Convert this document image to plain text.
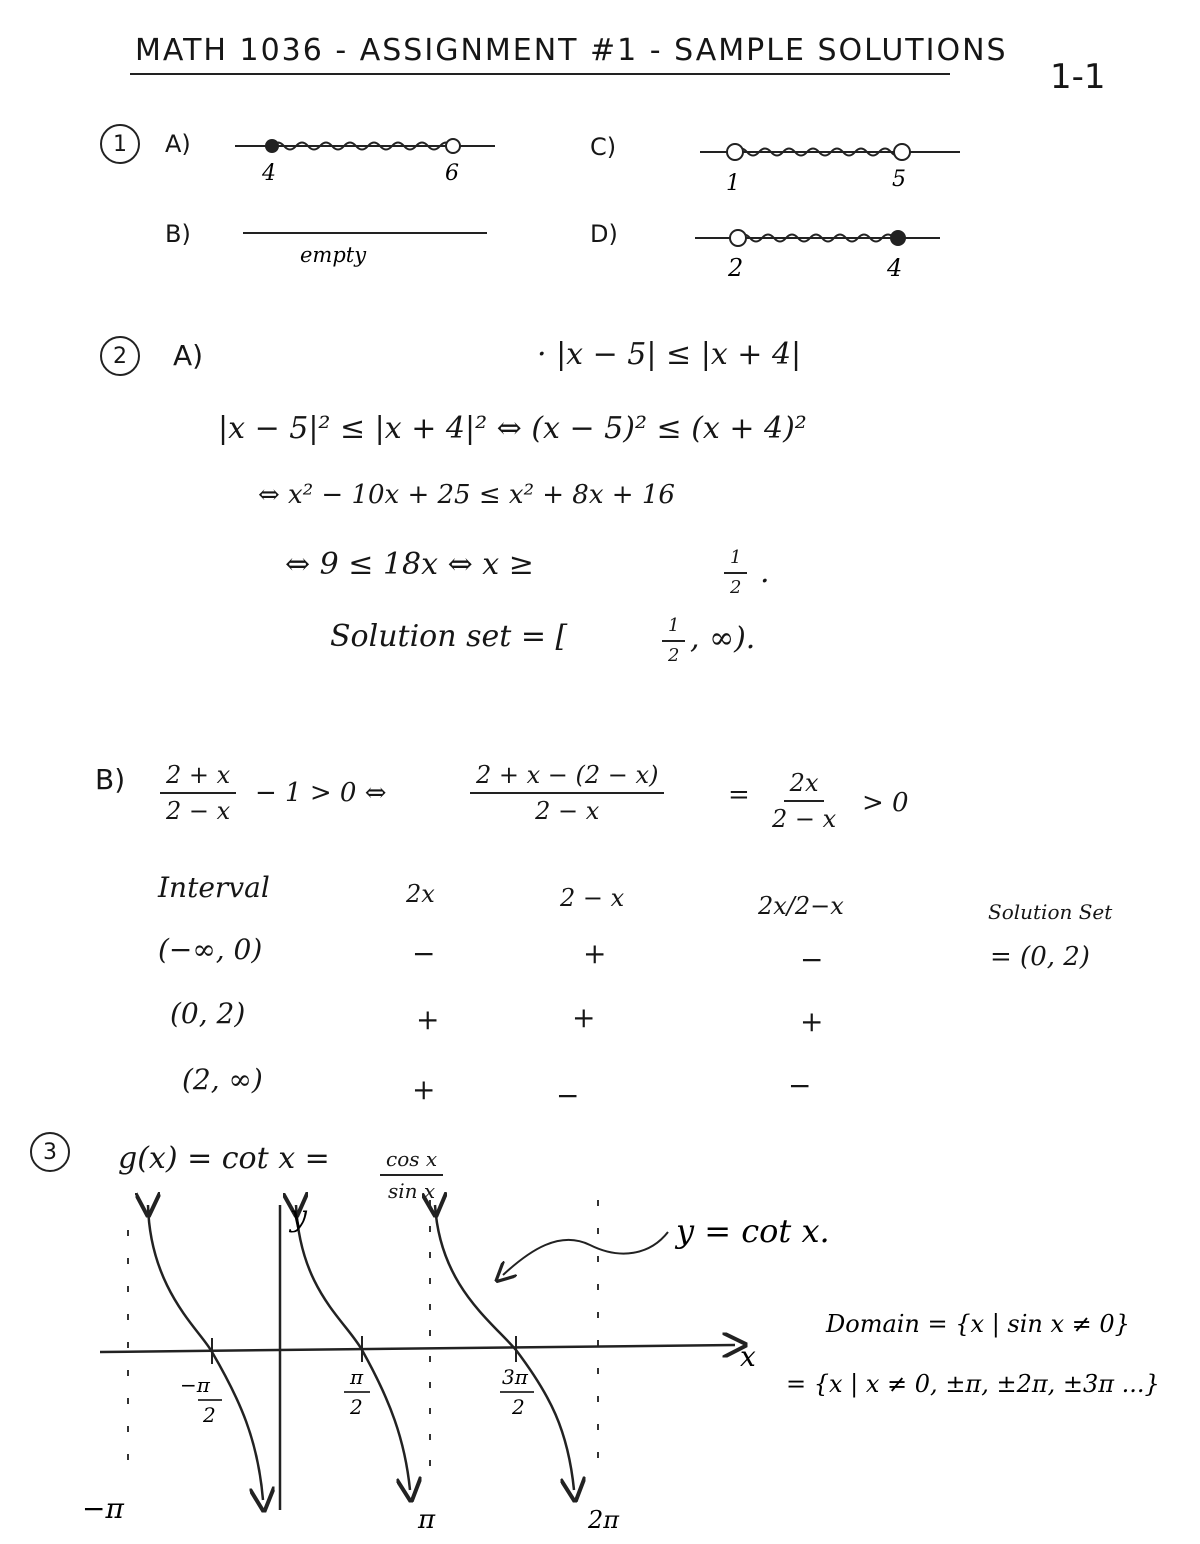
MATH 1036 - ASSIGNMENT #1 - SAMPLE SOLUTIONS
1-1
1	A)
B)
C)
D)
4	6
empty
1	5
2	4
2	A)	· |x − 5| ≤ |x + 4|
|x − 5|² ≤ |x + 4|² ⇔ (x − 5)² ≤ (x + 4)²
⇔ x² − 10x + 25 ≤ x² + 8x + 16
⇔ 9 ≤ 18x ⇔ x ≥	$\frac{1}{2}$ .
Solution set = [	$\frac{1}{2}$ , ∞).
$B) \frac{2 + x}{2 - x} - 1 > 0$ ⇔	$\frac{2 + x - (2 - x)}{2 - x} = \frac{2x}{2 - x} > 0$
Interval	2x	2 − x	2x/2−x
(−∞, 0)	−	+	−
(0, 2)	+	+	+
(2, ∞)	+	−	−
Solution Set
= (0, 2)
3	g(x) = cot x =	$\frac{\text{cos x}}{\text{sin x}}$
x
y
−π
2
π
2
3π
2
−π	π	2π
y = cot x.
Domain = {x | sin x ≠ 0}
= {x | x ≠ 0, ±π, ±2π, ±3π ...}
